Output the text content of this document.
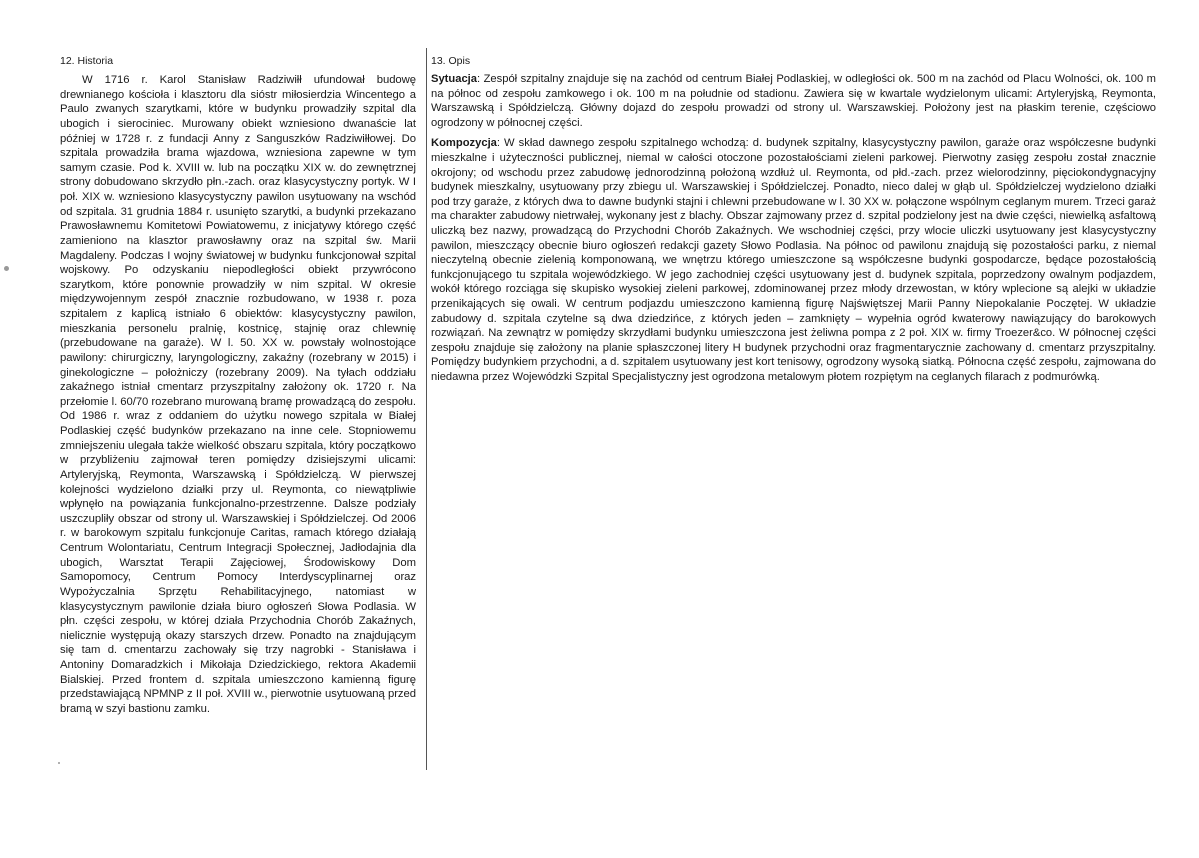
12. Historia

W 1716 r. Karol Stanisław Radziwiłł ufundował budowę drewnianego kościoła i klasztoru dla sióstr miłosierdzia Wincentego a Paulo zwanych szarytkami, które w budynku prowadziły szpital dla ubogich i sierociniec. Murowany obiekt wzniesiono dwanaście lat później w 1728 r. z fundacji Anny z Sanguszków Radziwiłłowej. Do szpitala prowadziła brama wjazdowa, wzniesiona zapewne w tym samym czasie. Pod k. XVIII w. lub na początku XIX w. do zewnętrznej strony dobudowano skrzydło płn.-zach. oraz klasycystyczny portyk. W I poł. XIX w. wzniesiono klasycystyczny pawilon usytuowany na wschód od szpitala. 31 grudnia 1884 r. usunięto szarytki, a budynki przekazano Prawosławnemu Komitetowi Powiatowemu, z inicjatywy którego część zamieniono na klasztor prawosławny oraz na szpital św. Marii Magdaleny. Podczas I wojny światowej w budynku funkcjonował szpital wojskowy. Po odzyskaniu niepodległości obiekt przywrócono szarytkom, które ponownie prowadziły w nim szpital. W okresie międzywojennym zespół znacznie rozbudowano, w 1938 r. poza szpitalem z kaplicą istniało 6 obiektów: klasycystyczny pawilon, mieszkania personelu pralnię, kostnicę, stajnię oraz chlewnię (przebudowane na garaże). W l. 50. XX w. powstały wolnostojące pawilony: chirurgiczny, laryngologiczny, zakaźny (rozebrany w 2015) i ginekologiczne – położniczy (rozebrany 2009). Na tyłach oddziału zakaźnego istniał cmentarz przyszpitalny założony ok. 1720 r. Na przełomie l. 60/70 rozebrano murowaną bramę prowadzącą do zespołu. Od 1986 r. wraz z oddaniem do użytku nowego szpitala w Białej Podlaskiej część budynków przekazano na inne cele. Stopniowemu zmniejszeniu ulegała także wielkość obszaru szpitala, który początkowo w przybliżeniu zajmował teren pomiędzy dzisiejszymi ulicami: Artyleryjską, Reymonta, Warszawską i Spółdzielczą. W pierwszej kolejności wydzielono działki przy ul. Reymonta, co niewątpliwie wpłynęło na powiązania funkcjonalno-przestrzenne. Dalsze podziały uszczupliły obszar od strony ul. Warszawskiej i Spółdzielczej. Od 2006 r. w barokowym szpitalu funkcjonuje Caritas, ramach którego działają Centrum Wolontariatu, Centrum Integracji Społecznej, Jadłodajnia dla ubogich, Warsztat Terapii Zajęciowej, Środowiskowy Dom Samopomocy, Centrum Pomocy Interdyscyplinarnej oraz Wypożyczalnia Sprzętu Rehabilitacyjnego, natomiast w klasycystycznym pawilonie działa biuro ogłoszeń Słowa Podlasia. W płn. części zespołu, w której działa Przychodnia Chorób Zakaźnych, nielicznie występują okazy starszych drzew. Ponadto na znajdującym się tam d. cmentarzu zachowały się trzy nagrobki - Stanisława i Antoniny Domaradzkich i Mikołaja Dziedzickiego, rektora Akademii Bialskiej. Przed frontem d. szpitala umieszczono kamienną figurę przedstawiającą NPMNP z II poł. XVIII w., pierwotnie usytuowaną przed bramą w szyi bastionu zamku.

13. Opis

Sytuacja: Zespół szpitalny znajduje się na zachód od centrum Białej Podlaskiej, w odległości ok. 500 m na zachód od Placu Wolności, ok. 100 m na północ od zespołu zamkowego i ok. 100 m na południe od stadionu. Zawiera się w kwartale wydzielonym ulicami: Artyleryjską, Reymonta, Warszawską i Spółdzielczą. Główny dojazd do zespołu prowadzi od strony ul. Warszawskiej. Położony jest na płaskim terenie, częściowo ogrodzony w północnej części.

Kompozycja: W skład dawnego zespołu szpitalnego wchodzą: d. budynek szpitalny, klasycystyczny pawilon, garaże oraz współczesne budynki mieszkalne i użyteczności publicznej, niemal w całości otoczone pozostałościami zieleni parkowej. Pierwotny zasięg zespołu został znacznie okrojony; od wschodu przez zabudowę jednorodzinną położoną wzdłuż ul. Reymonta, od płd.-zach. przez wielorodzinny, pięciokondygnacyjny budynek mieszkalny, usytuowany przy zbiegu ul. Warszawskiej i Spółdzielczej. Ponadto, nieco dalej w głąb ul. Spółdzielczej wydzielono działki pod trzy garaże, z których dwa to dawne budynki stajni i chlewni przebudowane w l. 30 XX w. połączone wspólnym ceglanym murem. Trzeci garaż ma charakter zabudowy nietrwałej, wykonany jest z blachy. Obszar zajmowany przez d. szpital podzielony jest na dwie części, niewielką asfaltową uliczką bez nazwy, prowadzącą do Przychodni Chorób Zakaźnych. We wschodniej części, przy wlocie uliczki usytuowany jest klasycystyczny pawilon, mieszczący obecnie biuro ogłoszeń redakcji gazety Słowo Podlasia. Na północ od pawilonu znajdują się pozostałości parku, z niemal nieczytelną obecnie zielenią komponowaną, we wnętrzu którego umieszczone są współczesne budynki gospodarcze, będące pozostałością funkcjonującego tu szpitala wojewódzkiego. W jego zachodniej części usytuowany jest d. budynek szpitala, poprzedzony owalnym podjazdem, wokół którego rozciąga się skupisko wysokiej zieleni parkowej, zdominowanej przez młody drzewostan, w który wplecione są alejki w układzie przenikających się owali. W centrum podjazdu umieszczono kamienną figurę Najświętszej Marii Panny Niepokalanie Poczętej. W układzie zabudowy d. szpitala czytelne są dwa dziedzińce, z których jeden – zamknięty – wypełnia ogród kwaterowy nawiązujący do barokowych rozwiązań. Na zewnątrz w pomiędzy skrzydłami budynku umieszczona jest żeliwna pompa z 2 poł. XIX w. firmy Troezer&co. W północnej części zespołu znajduje się założony na planie spłaszczonej litery H budynek przychodni oraz fragmentarycznie zachowany d. cmentarz przyszpitalny. Pomiędzy budynkiem przychodni, a d. szpitalem usytuowany jest kort tenisowy, ogrodzony wysoką siatką. Północna część zespołu, zajmowana do niedawna przez Wojewódzki Szpital Specjalistyczny jest ogrodzona metalowym płotem rozpiętym na ceglanych filarach z podmurówką.
